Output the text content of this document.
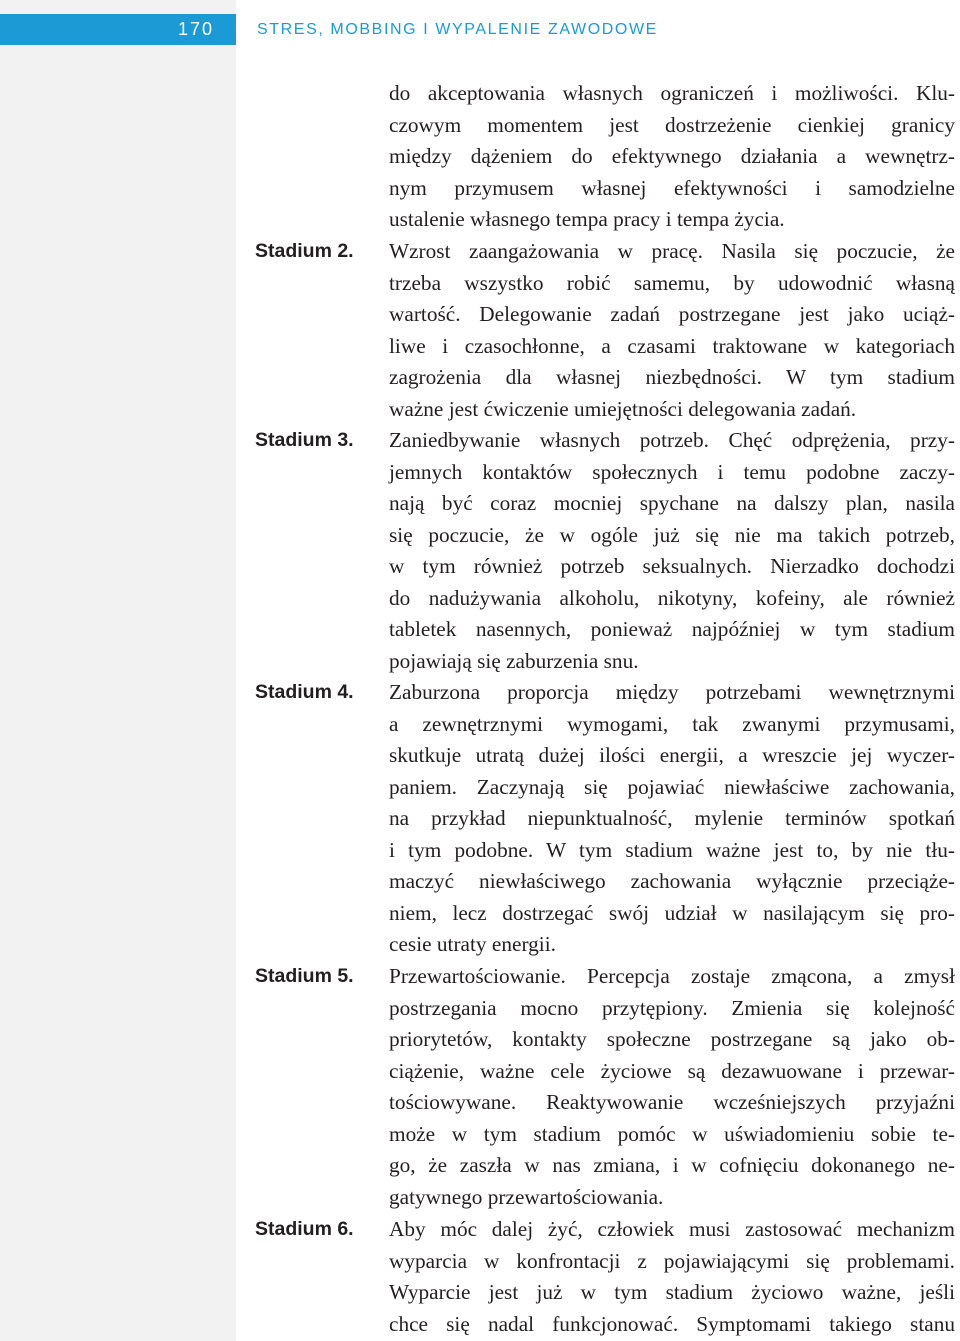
170	STRES, MOBBING I WYPALENIE ZAWODOWE
do akceptowania własnych ograniczeń i możliwości. Klu-
czowym momentem jest dostrzeżenie cienkiej granicy
między dążeniem do efektywnego działania a wewnętrz-
nym przymusem własnej efektywności i samodzielne
ustalenie własnego tempa pracy i tempa życia.
Stadium 2. Wzrost zaangażowania w pracę. Nasila się poczucie, że
trzeba wszystko robić samemu, by udowodnić własną
wartość. Delegowanie zadań postrzegane jest jako uciąż-
liwe i czasochłonne, a czasami traktowane w kategoriach
zagrożenia dla własnej niezbędności. W tym stadium
ważne jest ćwiczenie umiejętności delegowania zadań.
Stadium 3. Zaniedbywanie własnych potrzeb. Chęć odprężenia, przy-
jemnych kontaktów społecznych i temu podobne zaczy-
nają być coraz mocniej spychane na dalszy plan, nasila
się poczucie, że w ogóle już się nie ma takich potrzeb,
w tym również potrzeb seksualnych. Nierzadko dochodzi
do nadużywania alkoholu, nikotyny, kofeiny, ale również
tabletek nasennych, ponieważ najpóźniej w tym stadium
pojawiają się zaburzenia snu.
Stadium 4. Zaburzona proporcja między potrzebami wewnętrznymi
a zewnętrznymi wymogami, tak zwanymi przymusami,
skutkuje utratą dużej ilości energii, a wreszcie jej wyczer-
paniem. Zaczynają się pojawiać niewłaściwe zachowania,
na przykład niepunktualność, mylenie terminów spotkań
i tym podobne. W tym stadium ważne jest to, by nie tłu-
maczyć niewłaściwego zachowania wyłącznie przeciąże-
niem, lecz dostrzegać swój udział w nasilającym się pro-
cesie utraty energii.
Stadium 5. Przewartościowanie. Percepcja zostaje zmącona, a zmysł
postrzegania mocno przytępiony. Zmienia się kolejność
priorytetów, kontakty społeczne postrzegane są jako ob-
ciążenie, ważne cele życiowe są dezawuowane i przewar-
tościowywane. Reaktywowanie wcześniejszych przyjaźni
może w tym stadium pomóc w uświadomieniu sobie te-
go, że zaszła w nas zmiana, i w cofnięciu dokonanego ne-
gatywnego przewartościowania.
Stadium 6. Aby móc dalej żyć, człowiek musi zastosować mechanizm
wyparcia w konfrontacji z pojawiającymi się problemami.
Wyparcie jest już w tym stadium życiowo ważne, jeśli
chce się nadal funkcjonować. Symptomami takiego stanu
